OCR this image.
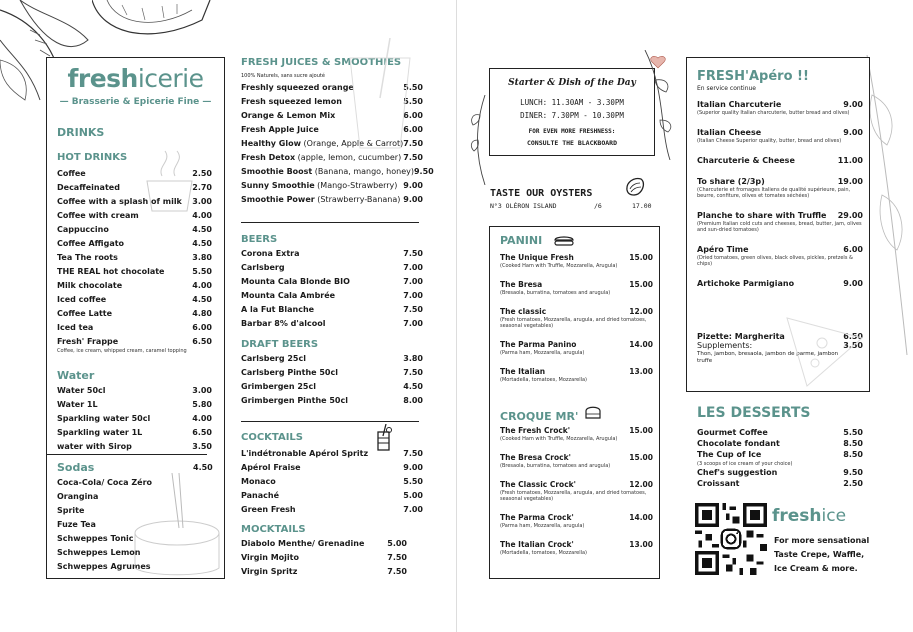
freshicerie
— Brasserie & Epicerie Fine —
DRINKS
HOT DRINKS
Coffee	2.50
Decaffeinated	2.70
Coffee with a splash of milk 3.00
Coffee with cream	4.00
Cappuccino	4.50
Coffee Affigato	4.50
Tea The roots	3.80
THE REAL hot chocolate	5.50
Milk chocolate	4.00
Iced coffee	4.50
Coffee Latte	4.80
Iced tea	6.00
Fresh' Frappe	6.50
Coffee, ice cream, whipped cream, caramel topping
Water
Water 50cl	3.00
Water 1L	5.80
Sparkling water 50cl	4.00
Sparkling water 1L	6.50
water with Sirop	3.50
Sodas	4.50
Coca-Cola/ Coca Zéro
Orangina
Sprite
Fuze Tea
Schweppes Tonic
Schweppes Lemon
Schweppes Agrumes
FRESH JUICES & SMOOTHIES
100% Naturels, sans sucre ajouté
Freshly squeezed orange	5.50
Fresh squeezed lemon	5.50
Orange & Lemon Mix	6.00
Fresh Apple Juice	6.00
Healthy Glow (Orange, Apple & Carrot) 7.50
Fresh Detox (apple, lemon, cucumber) 7.50
Smoothie Boost (Banana, mango, honey) 9.50
Sunny Smoothie (Mango-Strawberry) 9.00
Smoothie Power (Strawberry-Banana) 9.00
BEERS
Corona Extra	7.50
Carlsberg	7.00
Mounta Cala Blonde BIO	7.00
Mounta Cala Ambrée	7.00
A la Fut Blanche	7.50
Barbar 8% d'alcool	7.00
DRAFT BEERS
Carlsberg 25cl	3.80
Carlsberg Pinthe 50cl	7.50
Grimbergen 25cl	4.50
Grimbergen Pinthe 50cl	8.00
COCKTAILS
L'indétronable Apérol Spritz	7.50
Apérol Fraise	9.00
Monaco	5.50
Panaché	5.00
Green Fresh	7.00
MOCKTAILS
Diabolo Menthe/ Grenadine	5.00
Virgin Mojito	7.50
Virgin Spritz	7.50
Starter & Dish of the Day
LUNCH: 11.30AM - 3.30PM
DINER: 7.30PM - 10.30PM
FOR EVEN MORE FRESHNESS:
CONSULTE THE BLACKBOARD
TASTE OUR OYSTERS
N°3 OLÉRON ISLAND	/6	17.00
PANINI
The Unique Fresh	15.00
(Cooked Ham with Truffle, Mozzarella, Arugula)
The Bresa	15.00
(Bresaola, burratina, tomatoes and arugula)
The classic	12.00
(Fresh tomatoes, Mozzarella, arugula, and dried tomatoes, seasonal vegetables)
The Parma Panino	14.00
(Parma ham, Mozzarella, arugula)
The Italian	13.00
(Mortadella, tomatoes, Mozzarella)
CROQUE MR'
The Fresh Crock'	15.00
(Cooked Ham with Truffle, Mozzarella, Arugula)
The Bresa Crock'	15.00
(Bresaola, burratina, tomatoes and arugula)
The Classic Crock'	12.00
(Fresh tomatoes, Mozzarella, arugula, and dried tomatoes, seasonal vegetables)
The Parma Crock'	14.00
(Parma ham, Mozzarella, arugula)
The Italian Crock'	13.00
(Mortadella, tomatoes, Mozzarella)
FRESH'Apéro !!
En service continue
Italian Charcuterie	9.00
(Superior quality Italian charcuterie, butter bread and olives)
Italian Cheese	9.00
(Italian Cheese Superior quality, butter, bread and olives)
Charcuterie & Cheese	11.00
To share (2/3p)	19.00
(Charcuterie et fromages Italiens de qualité supérieure, pain, beurre, confiture, olives et tomates séchées)
Planche to share with Truffle 29.00
(Premium Italian cold cuts and cheeses, bread, butter, jam, olives and sun-dried tomatoes)
Apéro Time	6.00
(Dried tomatoes, green olives, black olives, pickles, pretzels & chips)
Artichoke Parmigiano	9.00
Pizette: Margherita	6.50
Supplements:	3.50
Thon, jambon, bresaola, jambon de parme, jambon truffe
LES DESSERTS
Gourmet Coffee	5.50
Chocolate fondant	8.50
The Cup of Ice	8.50
(3 scoops of ice cream of your choice)
Chef's suggestion	9.50
Croissant	2.50
freshice
For more sensational
Taste Crepe, Waffle,
Ice Cream & more.
